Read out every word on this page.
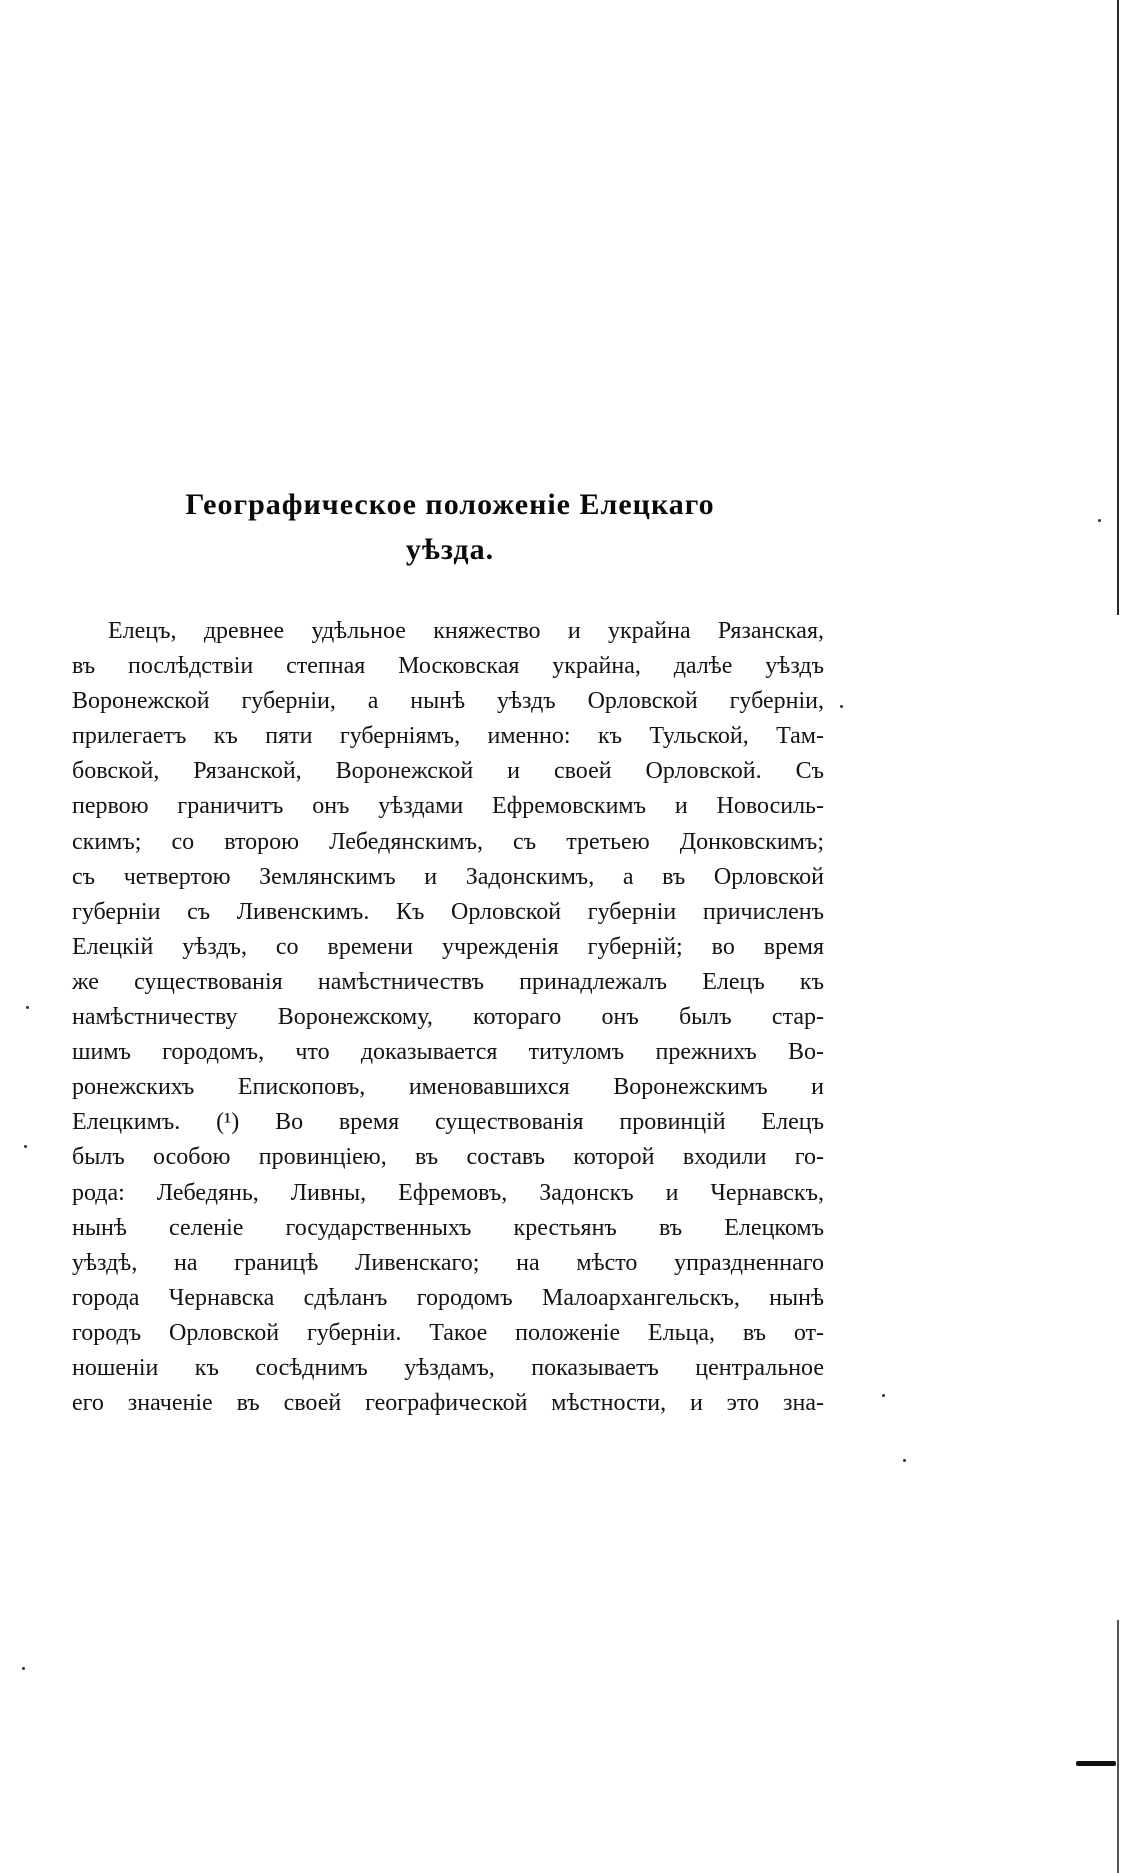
Географическое положеніе Елецкаго
уѣзда.
Елецъ, древнее удѣльное княжество и украйна Рязанская,
въ послѣдствіи степная Московская украйна, далѣе уѣздъ
Воронежской губерніи, а нынѣ уѣздъ Орловской губерніи,
прилегаетъ къ пяти губерніямъ, именно: къ Тульской, Там-
бовской, Рязанской, Воронежской и своей Орловской. Съ
первою граничитъ онъ уѣздами Ефремовскимъ и Новосиль-
скимъ; со второю Лебедянскимъ, съ третьею Донковскимъ;
съ четвертою Землянскимъ и Задонскимъ, а въ Орловской
губерніи съ Ливенскимъ. Къ Орловской губерніи причисленъ
Елецкій уѣздъ, со времени учрежденія губерній; во время
же существованія намѣстничествъ принадлежалъ Елецъ къ
намѣстничеству Воронежскому, котораго онъ былъ стар-
шимъ городомъ, что доказывается титуломъ прежнихъ Во-
ронежскихъ Епископовъ, именовавшихся Воронежскимъ и
Елецкимъ. (¹) Во время существованія провинцій Елецъ
былъ особою провинціею, въ составъ которой входили го-
рода: Лебедянь, Ливны, Ефремовъ, Задонскъ и Чернавскъ,
нынѣ селеніе государственныхъ крестьянъ въ Елецкомъ
уѣздѣ, на границѣ Ливенскаго; на мѣсто упраздненнаго
города Чернавска сдѣланъ городомъ Малоархангельскъ, нынѣ
городъ Орловской губерніи. Такое положеніе Ельца, въ от-
ношеніи къ сосѣднимъ уѣздамъ, показываетъ центральное
его значеніе въ своей географической мѣстности, и это зна-
